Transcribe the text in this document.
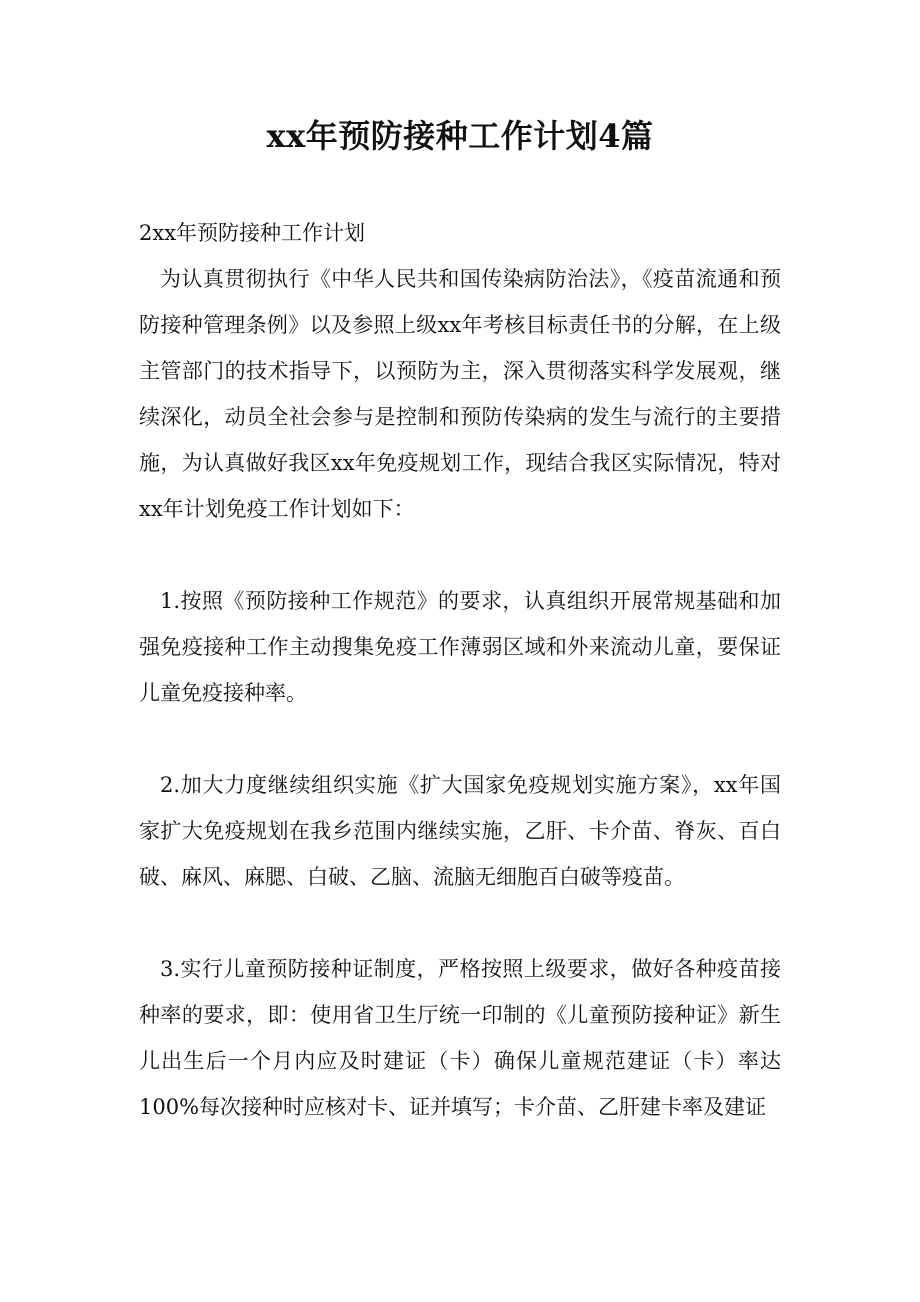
xx年预防接种工作计划4篇

2xx年预防接种工作计划

为认真贯彻执行《中华人民共和国传染病防治法》，《疫苗流通和预防接种管理条例》以及参照上级xx年考核目标责任书的分解，在上级主管部门的技术指导下，以预防为主，深入贯彻落实科学发展观，继续深化，动员全社会参与是控制和预防传染病的发生与流行的主要措施，为认真做好我区xx年免疫规划工作，现结合我区实际情况，特对xx年计划免疫工作计划如下：

1.按照《预防接种工作规范》的要求，认真组织开展常规基础和加强免疫接种工作主动搜集免疫工作薄弱区域和外来流动儿童，要保证儿童免疫接种率。

2.加大力度继续组织实施《扩大国家免疫规划实施方案》，xx年国家扩大免疫规划在我乡范围内继续实施，乙肝、卡介苗、脊灰、百白破、麻风、麻腮、白破、乙脑、流脑无细胞百白破等疫苗。

3.实行儿童预防接种证制度，严格按照上级要求，做好各种疫苗接种率的要求，即：使用省卫生厅统一印制的《儿童预防接种证》新生儿出生后一个月内应及时建证（卡）确保儿童规范建证（卡）率达100%每次接种时应核对卡、证并填写；卡介苗、乙肝建卡率及建证
